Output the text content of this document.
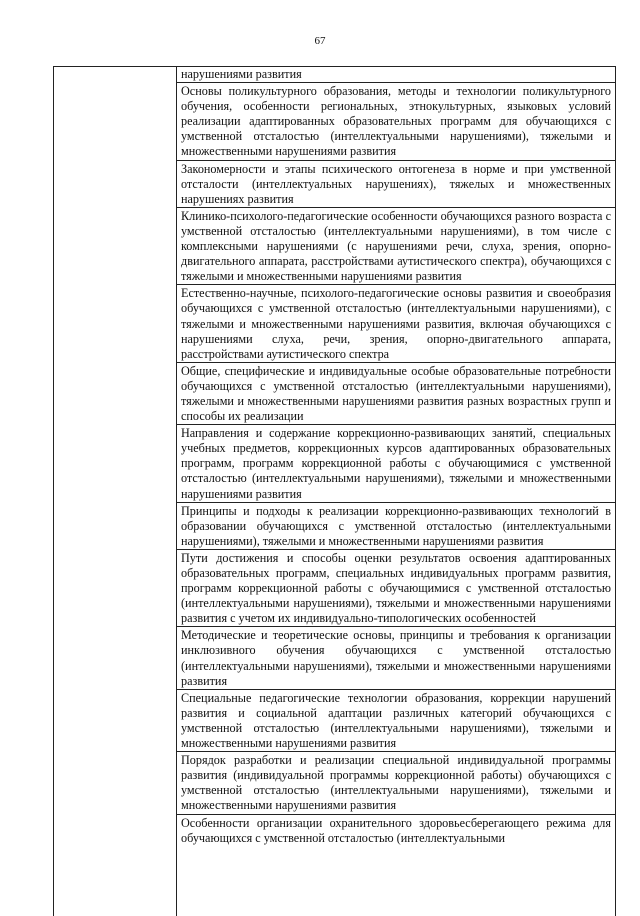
67
нарушениями развития
Основы поликультурного образования, методы и технологии поликультурного обучения, особенности региональных, этнокультурных, языковых условий реализации адаптированных образовательных программ для обучающихся с умственной отсталостью (интеллектуальными нарушениями), тяжелыми и множественными нарушениями развития
Закономерности и этапы психического онтогенеза в норме и при умственной отсталости (интеллектуальных нарушениях), тяжелых и множественных нарушениях развития
Клинико-психолого-педагогические особенности обучающихся разного возраста с умственной отсталостью (интеллектуальными нарушениями), в том числе с комплексными нарушениями (с нарушениями речи, слуха, зрения, опорно-двигательного аппарата, расстройствами аутистического спектра), обучающихся с тяжелыми и множественными нарушениями развития
Естественно-научные, психолого-педагогические основы развития и своеобразия обучающихся с умственной отсталостью (интеллектуальными нарушениями), с тяжелыми и множественными нарушениями развития, включая обучающихся с нарушениями слуха, речи, зрения, опорно-двигательного аппарата, расстройствами аутистического спектра
Общие, специфические и индивидуальные особые образовательные потребности обучающихся с умственной отсталостью (интеллектуальными нарушениями), тяжелыми и множественными нарушениями развития разных возрастных групп и способы их реализации
Направления и содержание коррекционно-развивающих занятий, специальных учебных предметов, коррекционных курсов адаптированных образовательных программ, программ коррекционной работы с обучающимися с умственной отсталостью (интеллектуальными нарушениями), тяжелыми и множественными нарушениями развития
Принципы и подходы к реализации коррекционно-развивающих технологий в образовании обучающихся с умственной отсталостью (интеллектуальными нарушениями), тяжелыми и множественными нарушениями развития
Пути достижения и способы оценки результатов освоения адаптированных образовательных программ, специальных индивидуальных программ развития, программ коррекционной работы с обучающимися с умственной отсталостью (интеллектуальными нарушениями), тяжелыми и множественными нарушениями развития с учетом их индивидуально-типологических особенностей
Методические и теоретические основы, принципы и требования к организации инклюзивного обучения обучающихся с умственной отсталостью (интеллектуальными нарушениями), тяжелыми и множественными нарушениями развития
Специальные педагогические технологии образования, коррекции нарушений развития и социальной адаптации различных категорий обучающихся с умственной отсталостью (интеллектуальными нарушениями), тяжелыми и множественными нарушениями развития
Порядок разработки и реализации специальной индивидуальной программы развития (индивидуальной программы коррекционной работы) обучающихся с умственной отсталостью (интеллектуальными нарушениями), тяжелыми и множественными нарушениями развития
Особенности организации охранительного здоровьесберегающего режима для обучающихся с умственной отсталостью (интеллектуальными
